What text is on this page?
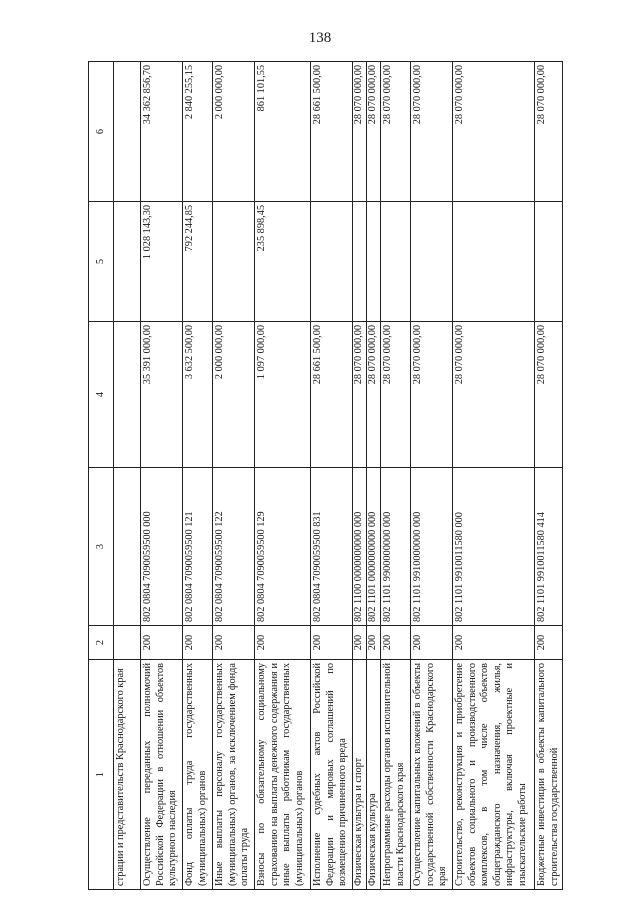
138
1	2	3	4	5	6
страции и представительств Краснодарского края					
Осуществление переданных полномочий Российской Федерации в отношении объектов культурного наследия	200	802 0804 7090059500 000	35 391 000,00	1 028 143,30	34 362 856,70
Фонд оплаты труда государственных (муниципальных) органов	200	802 0804 7090059500 121	3 632 500,00	792 244,85	2 840 255,15
Иные выплаты персоналу государственных (муниципальных) органов, за исключением фонда оплаты труда	200	802 0804 7090059500 122	2 000 000,00		2 000 000,00
Взносы по обязательному социальному страхованию на выплаты денежного содержания и иные выплаты работникам государственных (муниципальных) органов	200	802 0804 7090059500 129	1 097 000,00	235 898,45	861 101,55
Исполнение судебных актов Российской Федерации и мировых соглашений по возмещению причиненного вреда	200	802 0804 7090059500 831	28 661 500,00		28 661 500,00
Физическая культура и спорт	200	802 1100 0000000000 000	28 070 000,00		28 070 000,00
Физическая культура	200	802 1101 0000000000 000	28 070 000,00		28 070 000,00
Непрограммные расходы органов исполнительной власти Краснодарского края	200	802 1101 9900000000 000	28 070 000,00		28 070 000,00
Осуществление капитальных вложений в объекты государственной собственности Краснодарского края	200	802 1101 9910000000 000	28 070 000,00		28 070 000,00
Строительство, реконструкция и приобретение объектов социального и производственного комплексов, в том числе объектов общегражданского назначения, жилья, инфраструктуры, включая проектные и изыскательские работы	200	802 1101 9910011580 000	28 070 000,00		28 070 000,00
Бюджетные инвестиции в объекты капитального строительства государственной	200	802 1101 9910011580 414	28 070 000,00		28 070 000,00
